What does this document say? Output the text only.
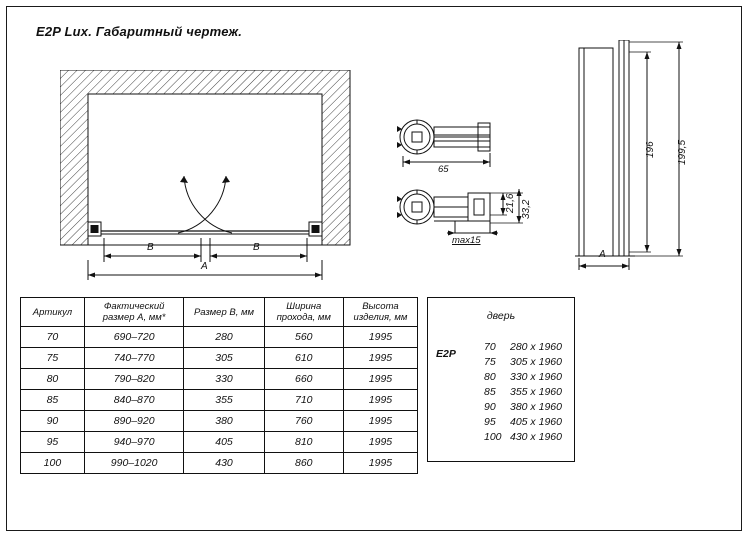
E2P Lux. Габаритный чертеж.
B	B
A
65
21,6 33,2
max15
196 199,5
A
Артикул	Фактический размер А, мм*	Размер В, мм	Ширина прохода, мм	Высота изделия, мм
70	690–720	280	560	1995
75	740–770	305	610	1995
80	790–820	330	660	1995
85	840–870	355	710	1995
90	890–920	380	760	1995
95	940–970	405	810	1995
100	990–1020	430	860	1995
дверь
E2P
70 280 x 1960
75 305 x 1960
80 330 x 1960
85 355 x 1960
90 380 x 1960
95 405 x 1960
100 430 x 1960
